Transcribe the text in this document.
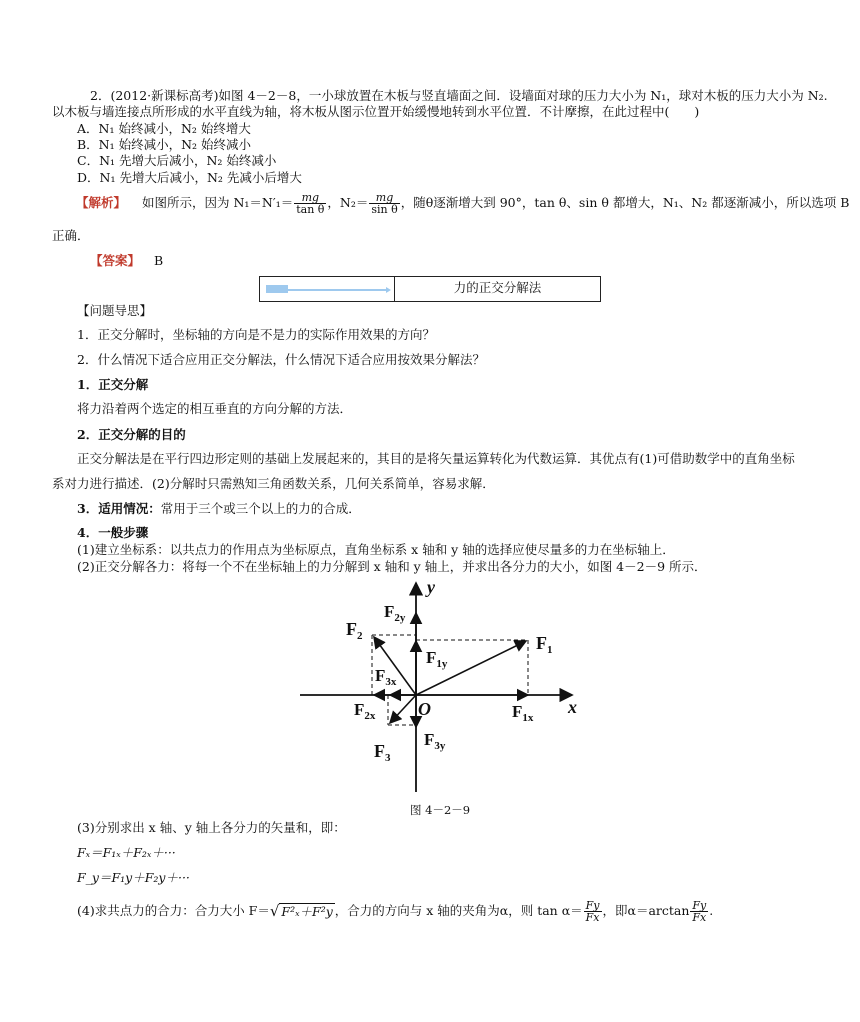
2．(2012·新课标高考)如图 4－2－8，一小球放置在木板与竖直墙面之间．设墙面对球的压力大小为 N₁，球对木板的压力大小为 N₂.
以木板与墙连接点所形成的水平直线为轴，将木板从图示位置开始缓慢地转到水平位置．不计摩擦，在此过程中(　　)
A．N₁ 始终减小，N₂ 始终增大
B．N₁ 始终减小，N₂ 始终减小
C．N₁ 先增大后减小，N₂ 始终减小
D．N₁ 先增大后减小，N₂ 先减小后增大
【解析】 如图所示，因为 $N_1=N'_1= \frac{mg}{\text{tan θ}}$ ，$N_2= \frac{mg}{\text{sin θ}}$ ，随θ逐渐增大到 90°，tan θ、sin θ 都增大，N₁、N₂ 都逐渐减小，所以选项 B
正确．
【答案】 B
力的正交分解法
【问题导思】
1．正交分解时，坐标轴的方向是不是力的实际作用效果的方向？
2．什么情况下适合应用正交分解法，什么情况下适合应用按效果分解法？
1．正交分解
将力沿着两个选定的相互垂直的方向分解的方法．
2．正交分解的目的
正交分解法是在平行四边形定则的基础上发展起来的，其目的是将矢量运算转化为代数运算．其优点有(1)可借助数学中的直角坐标
系对力进行描述．(2)分解时只需熟知三角函数关系，几何关系简单，容易求解．
3．适用情况：常用于三个或三个以上的力的合成．
4．一般步骤
(1)建立坐标系：以共点力的作用点为坐标原点，直角坐标系 x 轴和 y 轴的选择应使尽量多的力在坐标轴上．
(2)正交分解各力：将每一个不在坐标轴上的力分解到 x 轴和 y 轴上，并求出各分力的大小，如图 4－2－9 所示．
y
x
O
$F_1$
$F_2$
$F_3$
$F_{1y}$
$F_{1x}$
$F_{2y}$
$F_{2x}$
$F_{3x}$
$F_{3y}$
图 4－2－9
(3)分别求出 x 轴、y 轴上各分力的矢量和，即：
Fₓ＝F₁ₓ＋F₂ₓ＋···
F_y＝F₁y＋F₂y＋···
(4)求共点力的合力：合力大小 F＝√ F²ₓ＋F²y ，合力的方向与 x 轴的夹角为α，则 $\tan \alpha= \frac{Fy}{Fx}$ ，即$\alpha=\arctan \frac{Fy}{Fx}$ .
